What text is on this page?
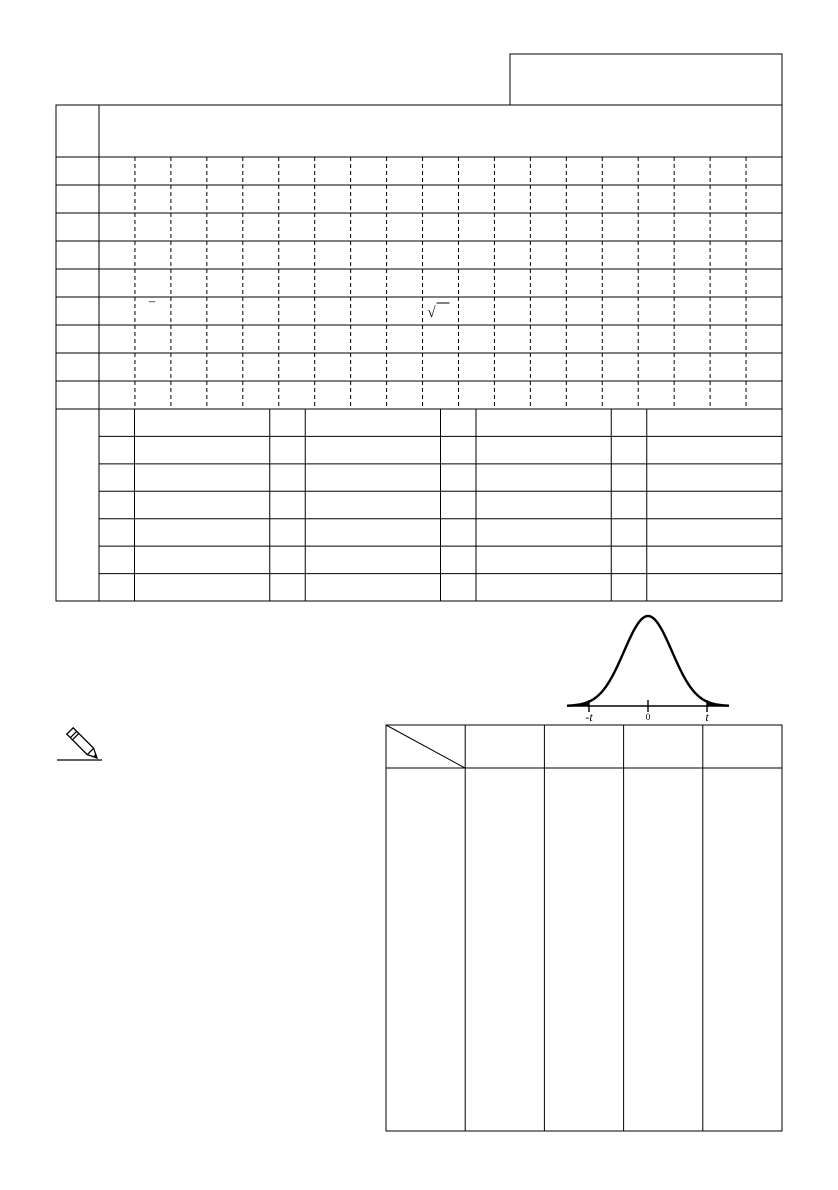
–
√
-t	0	t
